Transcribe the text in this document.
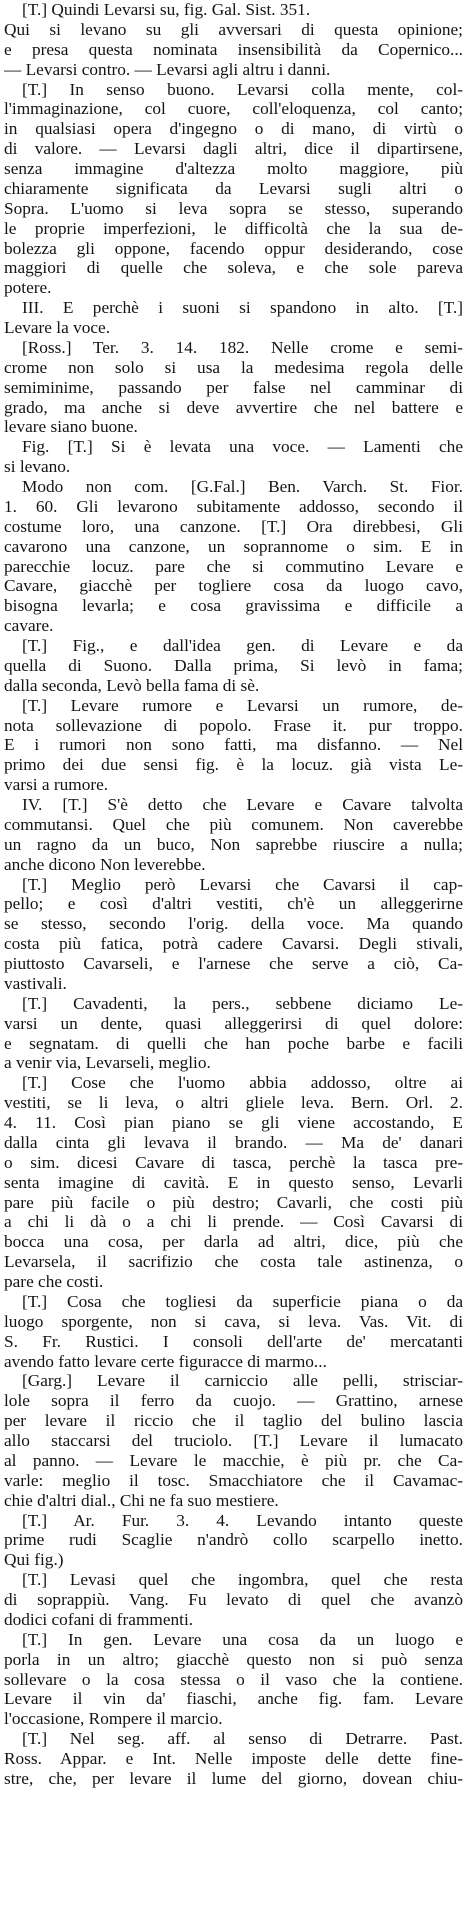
[T.] Quindi Levarsi su, fig. Gal. Sist. 351.
Qui si levano su gli avversari di questa opinione;
e presa questa nominata insensibilità da Copernico...
— Levarsi contro. — Levarsi agli altru i danni.
[T.] In senso buono. Levarsi colla mente, col-
l'immaginazione, col cuore, coll'eloquenza, col canto;
in qualsiasi opera d'ingegno o di mano, di virtù o
di valore. — Levarsi dagli altri, dice il dipartirsene,
senza immagine d'altezza molto maggiore, più
chiaramente significata da Levarsi sugli altri o
Sopra. L'uomo si leva sopra se stesso, superando
le proprie imperfezioni, le difficoltà che la sua de-
bolezza gli oppone, facendo oppur desiderando, cose
maggiori di quelle che soleva, e che sole pareva
potere.
III. E perchè i suoni si spandono in alto. [T.]
Levare la voce.
[Ross.] Ter. 3. 14. 182. Nelle crome e semi-
crome non solo si usa la medesima regola delle
semiminime, passando per false nel camminar di
grado, ma anche si deve avvertire che nel battere e
levare siano buone.
Fig. [T.] Si è levata una voce. — Lamenti che
si levano.
Modo non com. [G.Fal.] Ben. Varch. St. Fior.
1. 60. Gli levarono subitamente addosso, secondo il
costume loro, una canzone. [T.] Ora direbbesi, Gli
cavarono una canzone, un soprannome o sim. E in
parecchie locuz. pare che si commutino Levare e
Cavare, giacchè per togliere cosa da luogo cavo,
bisogna levarla; e cosa gravissima e difficile a
cavare.
[T.] Fig., e dall'idea gen. di Levare e da
quella di Suono. Dalla prima, Si levò in fama;
dalla seconda, Levò bella fama di sè.
[T.] Levare rumore e Levarsi un rumore, de-
nota sollevazione di popolo. Frase it. pur troppo.
E i rumori non sono fatti, ma disfanno. — Nel
primo dei due sensi fig. è la locuz. già vista Le-
varsi a rumore.
IV. [T.] S'è detto che Levare e Cavare talvolta
commutansi. Quel che più comunem. Non caverebbe
un ragno da un buco, Non saprebbe riuscire a nulla;
anche dicono Non leverebbe.
[T.] Meglio però Levarsi che Cavarsi il cap-
pello; e così d'altri vestiti, ch'è un alleggerirne
se stesso, secondo l'orig. della voce. Ma quando
costa più fatica, potrà cadere Cavarsi. Degli stivali,
piuttosto Cavarseli, e l'arnese che serve a ciò, Ca-
vastivali.
[T.] Cavadenti, la pers., sebbene diciamo Le-
varsi un dente, quasi alleggerirsi di quel dolore:
e segnatam. di quelli che han poche barbe e facili
a venir via, Levarseli, meglio.
[T.] Cose che l'uomo abbia addosso, oltre ai
vestiti, se li leva, o altri gliele leva. Bern. Orl. 2.
4. 11. Così pian piano se gli viene accostando, E
dalla cinta gli levava il brando. — Ma de' danari
o sim. dicesi Cavare di tasca, perchè la tasca pre-
senta imagine di cavità. E in questo senso, Levarli
pare più facile o più destro; Cavarli, che costi più
a chi li dà o a chi li prende. — Così Cavarsi di
bocca una cosa, per darla ad altri, dice, più che
Levarsela, il sacrifizio che costa tale astinenza, o
pare che costi.
[T.] Cosa che togliesi da superficie piana o da
luogo sporgente, non si cava, si leva. Vas. Vit. di
S. Fr. Rustici. I consoli dell'arte de' mercatanti
avendo fatto levare certe figuracce di marmo...
[Garg.] Levare il carniccio alle pelli, strisciar-
lole sopra il ferro da cuojo. — Grattino, arnese
per levare il riccio che il taglio del bulino lascia
allo staccarsi del truciolo. [T.] Levare il lumacato
al panno. — Levare le macchie, è più pr. che Ca-
varle: meglio il tosc. Smacchiatore che il Cavamac-
chie d'altri dial., Chi ne fa suo mestiere.
[T.] Ar. Fur. 3. 4. Levando intanto queste
prime rudi Scaglie n'andrò collo scarpello inetto.
Qui fig.)
[T.] Levasi quel che ingombra, quel che resta
di soprappiù. Vang. Fu levato di quel che avanzò
dodici cofani di frammenti.
[T.] In gen. Levare una cosa da un luogo e
porla in un altro; giacchè questo non si può senza
sollevare o la cosa stessa o il vaso che la contiene.
Levare il vin da' fiaschi, anche fig. fam. Levare
l'occasione, Rompere il marcio.
[T.] Nel seg. aff. al senso di Detrarre. Past.
Ross. Appar. e Int. Nelle imposte delle dette fine-
stre, che, per levare il lume del giorno, dovean chiu-
